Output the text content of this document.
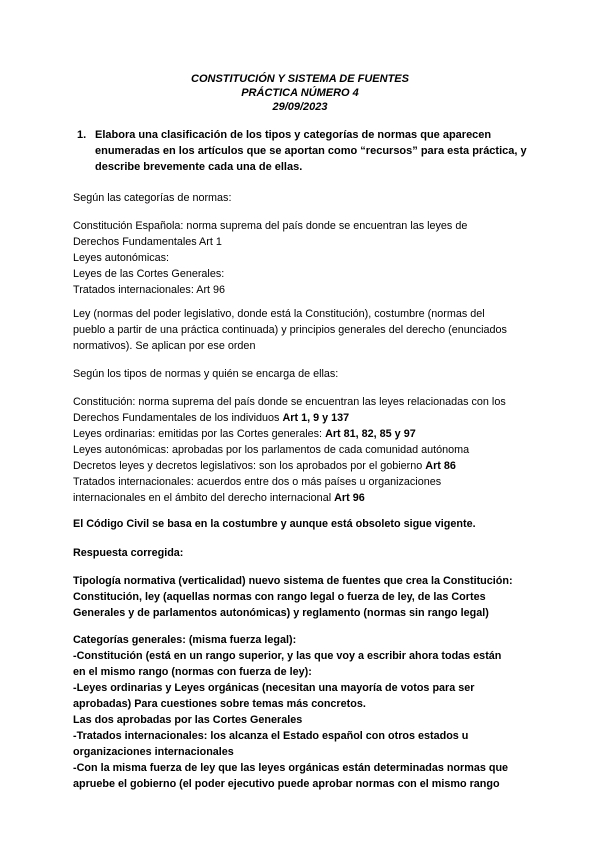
CONSTITUCIÓN Y SISTEMA DE FUENTES
PRÁCTICA NÚMERO 4
29/09/2023
1. Elabora una clasificación de los tipos y categorías de normas que aparecen enumeradas en los artículos que se aportan como “recursos” para esta práctica, y describe brevemente cada una de ellas.
Según las categorías de normas:
Constitución Española: norma suprema del país donde se encuentran las leyes de
Derechos Fundamentales Art 1
Leyes autonómicas:
Leyes de las Cortes Generales:
Tratados internacionales: Art 96
Ley (normas del poder legislativo, donde está la Constitución), costumbre (normas del
pueblo a partir de una práctica continuada) y principios generales del derecho (enunciados
normativos). Se aplican por ese orden
Según los tipos de normas y quién se encarga de ellas:
Constitución: norma suprema del país donde se encuentran las leyes relacionadas con los
Derechos Fundamentales de los individuos Art 1, 9 y 137
Leyes ordinarias: emitidas por las Cortes generales: Art 81, 82, 85 y 97
Leyes autonómicas: aprobadas por los parlamentos de cada comunidad autónoma
Decretos leyes y decretos legislativos: son los aprobados por el gobierno Art 86
Tratados internacionales: acuerdos entre dos o más países u organizaciones
internacionales en el ámbito del derecho internacional Art 96
El Código Civil se basa en la costumbre y aunque está obsoleto sigue vigente.
Respuesta corregida:
Tipología normativa (verticalidad) nuevo sistema de fuentes que crea la Constitución:
Constitución, ley (aquellas normas con rango legal o fuerza de ley, de las Cortes
Generales y de parlamentos autonómicas) y reglamento (normas sin rango legal)
Categorías generales: (misma fuerza legal):
-Constitución (está en un rango superior, y las que voy a escribir ahora todas están
en el mismo rango (normas con fuerza de ley):
-Leyes ordinarias y Leyes orgánicas (necesitan una mayoría de votos para ser
aprobadas) Para cuestiones sobre temas más concretos.
Las dos aprobadas por las Cortes Generales
-Tratados internacionales: los alcanza el Estado español con otros estados u
organizaciones internacionales
-Con la misma fuerza de ley que las leyes orgánicas están determinadas normas que
apruebe el gobierno (el poder ejecutivo puede aprobar normas con el mismo rango
